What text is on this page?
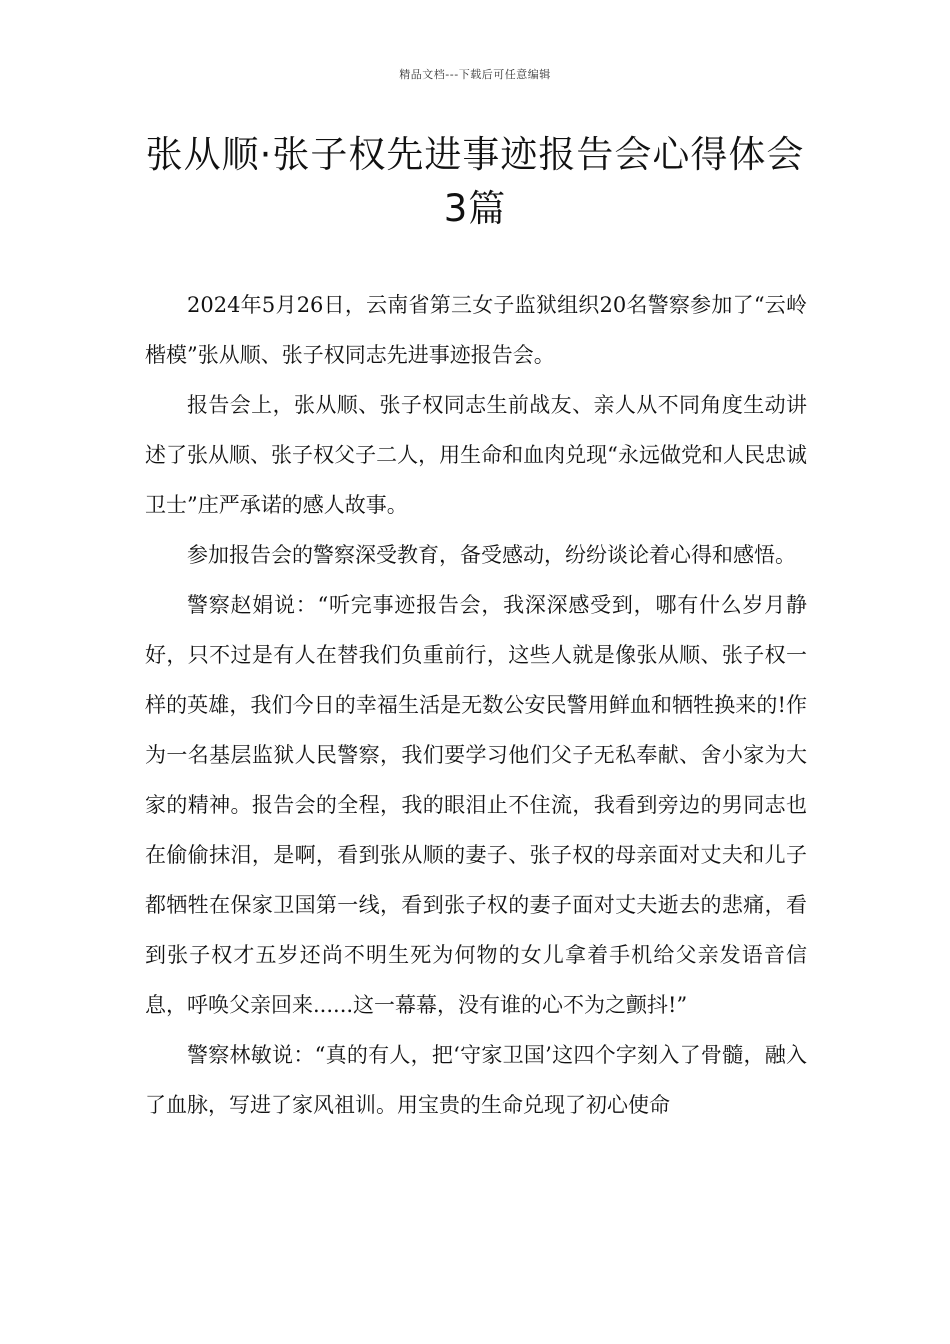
精品文档---下载后可任意编辑
张从顺·张子权先进事迹报告会心得体会3篇

2024年5月26日，云南省第三女子监狱组织20名警察参加了“云岭楷模”张从顺、张子权同志先进事迹报告会。

报告会上，张从顺、张子权同志生前战友、亲人从不同角度生动讲述了张从顺、张子权父子二人，用生命和血肉兑现“永远做党和人民忠诚卫士”庄严承诺的感人故事。

参加报告会的警察深受教育，备受感动，纷纷谈论着心得和感悟。

警察赵娟说：“听完事迹报告会，我深深感受到，哪有什么岁月静好，只不过是有人在替我们负重前行，这些人就是像张从顺、张子权一样的英雄，我们今日的幸福生活是无数公安民警用鲜血和牺牲换来的!作为一名基层监狱人民警察，我们要学习他们父子无私奉献、舍小家为大家的精神。报告会的全程，我的眼泪止不住流，我看到旁边的男同志也在偷偷抹泪，是啊，看到张从顺的妻子、张子权的母亲面对丈夫和儿子都牺牲在保家卫国第一线，看到张子权的妻子面对丈夫逝去的悲痛，看到张子权才五岁还尚不明生死为何物的女儿拿着手机给父亲发语音信息，呼唤父亲回来......这一幕幕，没有谁的心不为之颤抖!”

警察林敏说：“真的有人，把‘守家卫国’这四个字刻入了骨髓，融入了血脉，写进了家风祖训。用宝贵的生命兑现了初心使命
